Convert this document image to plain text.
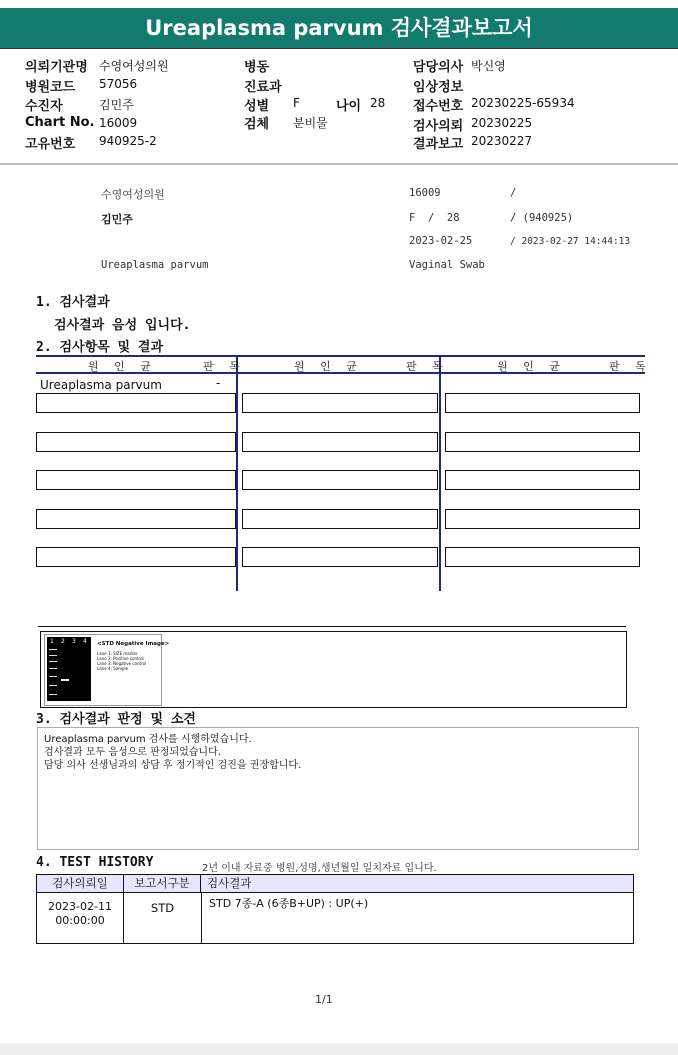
Ureaplasma parvum 검사결과보고서
의뢰기관명 수영여성의원
병원코드 57056
수진자	김민주
Chart No. 16009
고유번호 940925-2
병동
진료과
성별 F	나이 28
검체 분비물
담당의사 박신영
임상정보
접수번호 20230225-65934
검사의뢰 20230225
결과보고 20230227
수영여성의원	16009	/
김민주	F  /  28	/ (940925)
2023-02-25	/ 2023-02-27 14:44:13
Ureaplasma parvum	Vaginal Swab
1. 검사결과
검사결과 음성 입니다.
2. 검사항목 및 결과
원 인 균	판 독	원 인 균	판 독	원 인 균	판 독
Ureaplasma parvum	-
1 2 3 4 <STD Negative Image>
Lane 1: SIZE marker
Lane 2: Positive control
Lane 3: Negative control
Lane 4: Sample
3. 검사결과 판정 및 소견
Ureaplasma parvum 검사를 시행하였습니다.
검사결과 모두 음성으로 판정되었습니다.
담당 의사 선생님과의 상담 후 정기적인 검진을 권장합니다.
4. TEST HISTORY	2년 이내 자료중 병원,성명,생년월일 일치자료 입니다.
검사의뢰일	보고서구분	검사결과
2023-02-11
00:00:00
STD	STD 7종-A (6종B+UP) : UP(+)
1/1
